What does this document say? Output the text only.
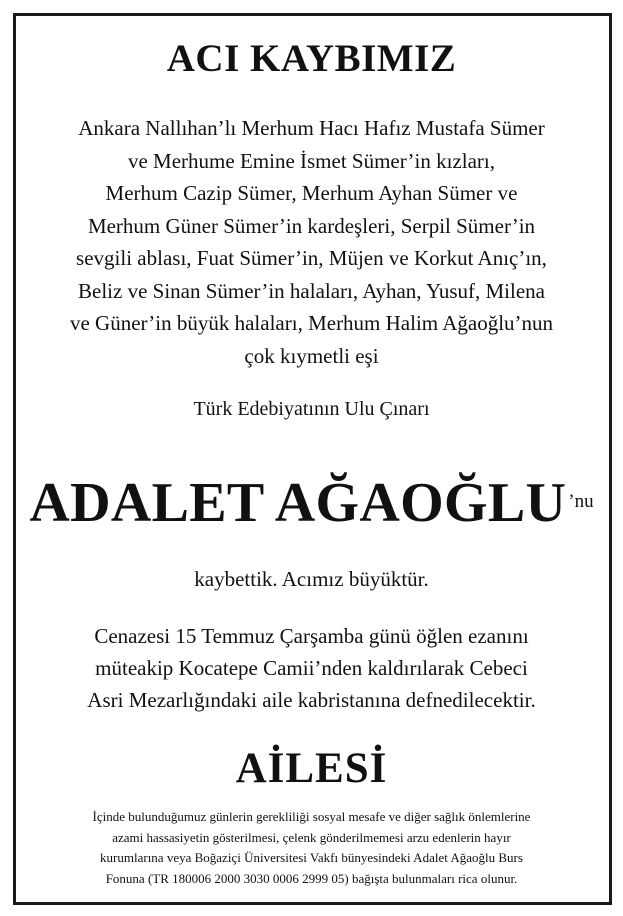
ACI KAYBIMIZ

Ankara Nallıhan’lı Merhum Hacı Hafız Mustafa Sümer
ve Merhume Emine İsmet Sümer’in kızları,
Merhum Cazip Sümer, Merhum Ayhan Sümer ve
Merhum Güner Sümer’in kardeşleri, Serpil Sümer’in
sevgili ablası, Fuat Sümer’in, Müjen ve Korkut Anıç’ın,
Beliz ve Sinan Sümer’in halaları, Ayhan, Yusuf, Milena
ve Güner’in büyük halaları, Merhum Halim Ağaoğlu’nun
çok kıymetli eşi

Türk Edebiyatının Ulu Çınarı
ADALET AĞAOĞLU ’nu
kaybettik. Acımız büyüktür.

Cenazesi 15 Temmuz Çarşamba günü öğlen ezanını
müteakip Kocatepe Camii’nden kaldırılarak Cebeci
Asri Mezarlığındaki aile kabristanına defnedilecektir.

AİLESİ

İçinde bulunduğumuz günlerin gerekliliği sosyal mesafe ve diğer sağlık önlemlerine
azami hassasiyetin gösterilmesi, çelenk gönderilmemesi arzu edenlerin hayır
kurumlarına veya Boğaziçi Üniversitesi Vakfı bünyesindeki Adalet Ağaoğlu Burs
Fonuna (TR 180006 2000 3030 0006 2999 05) bağışta bulunmaları rica olunur.
